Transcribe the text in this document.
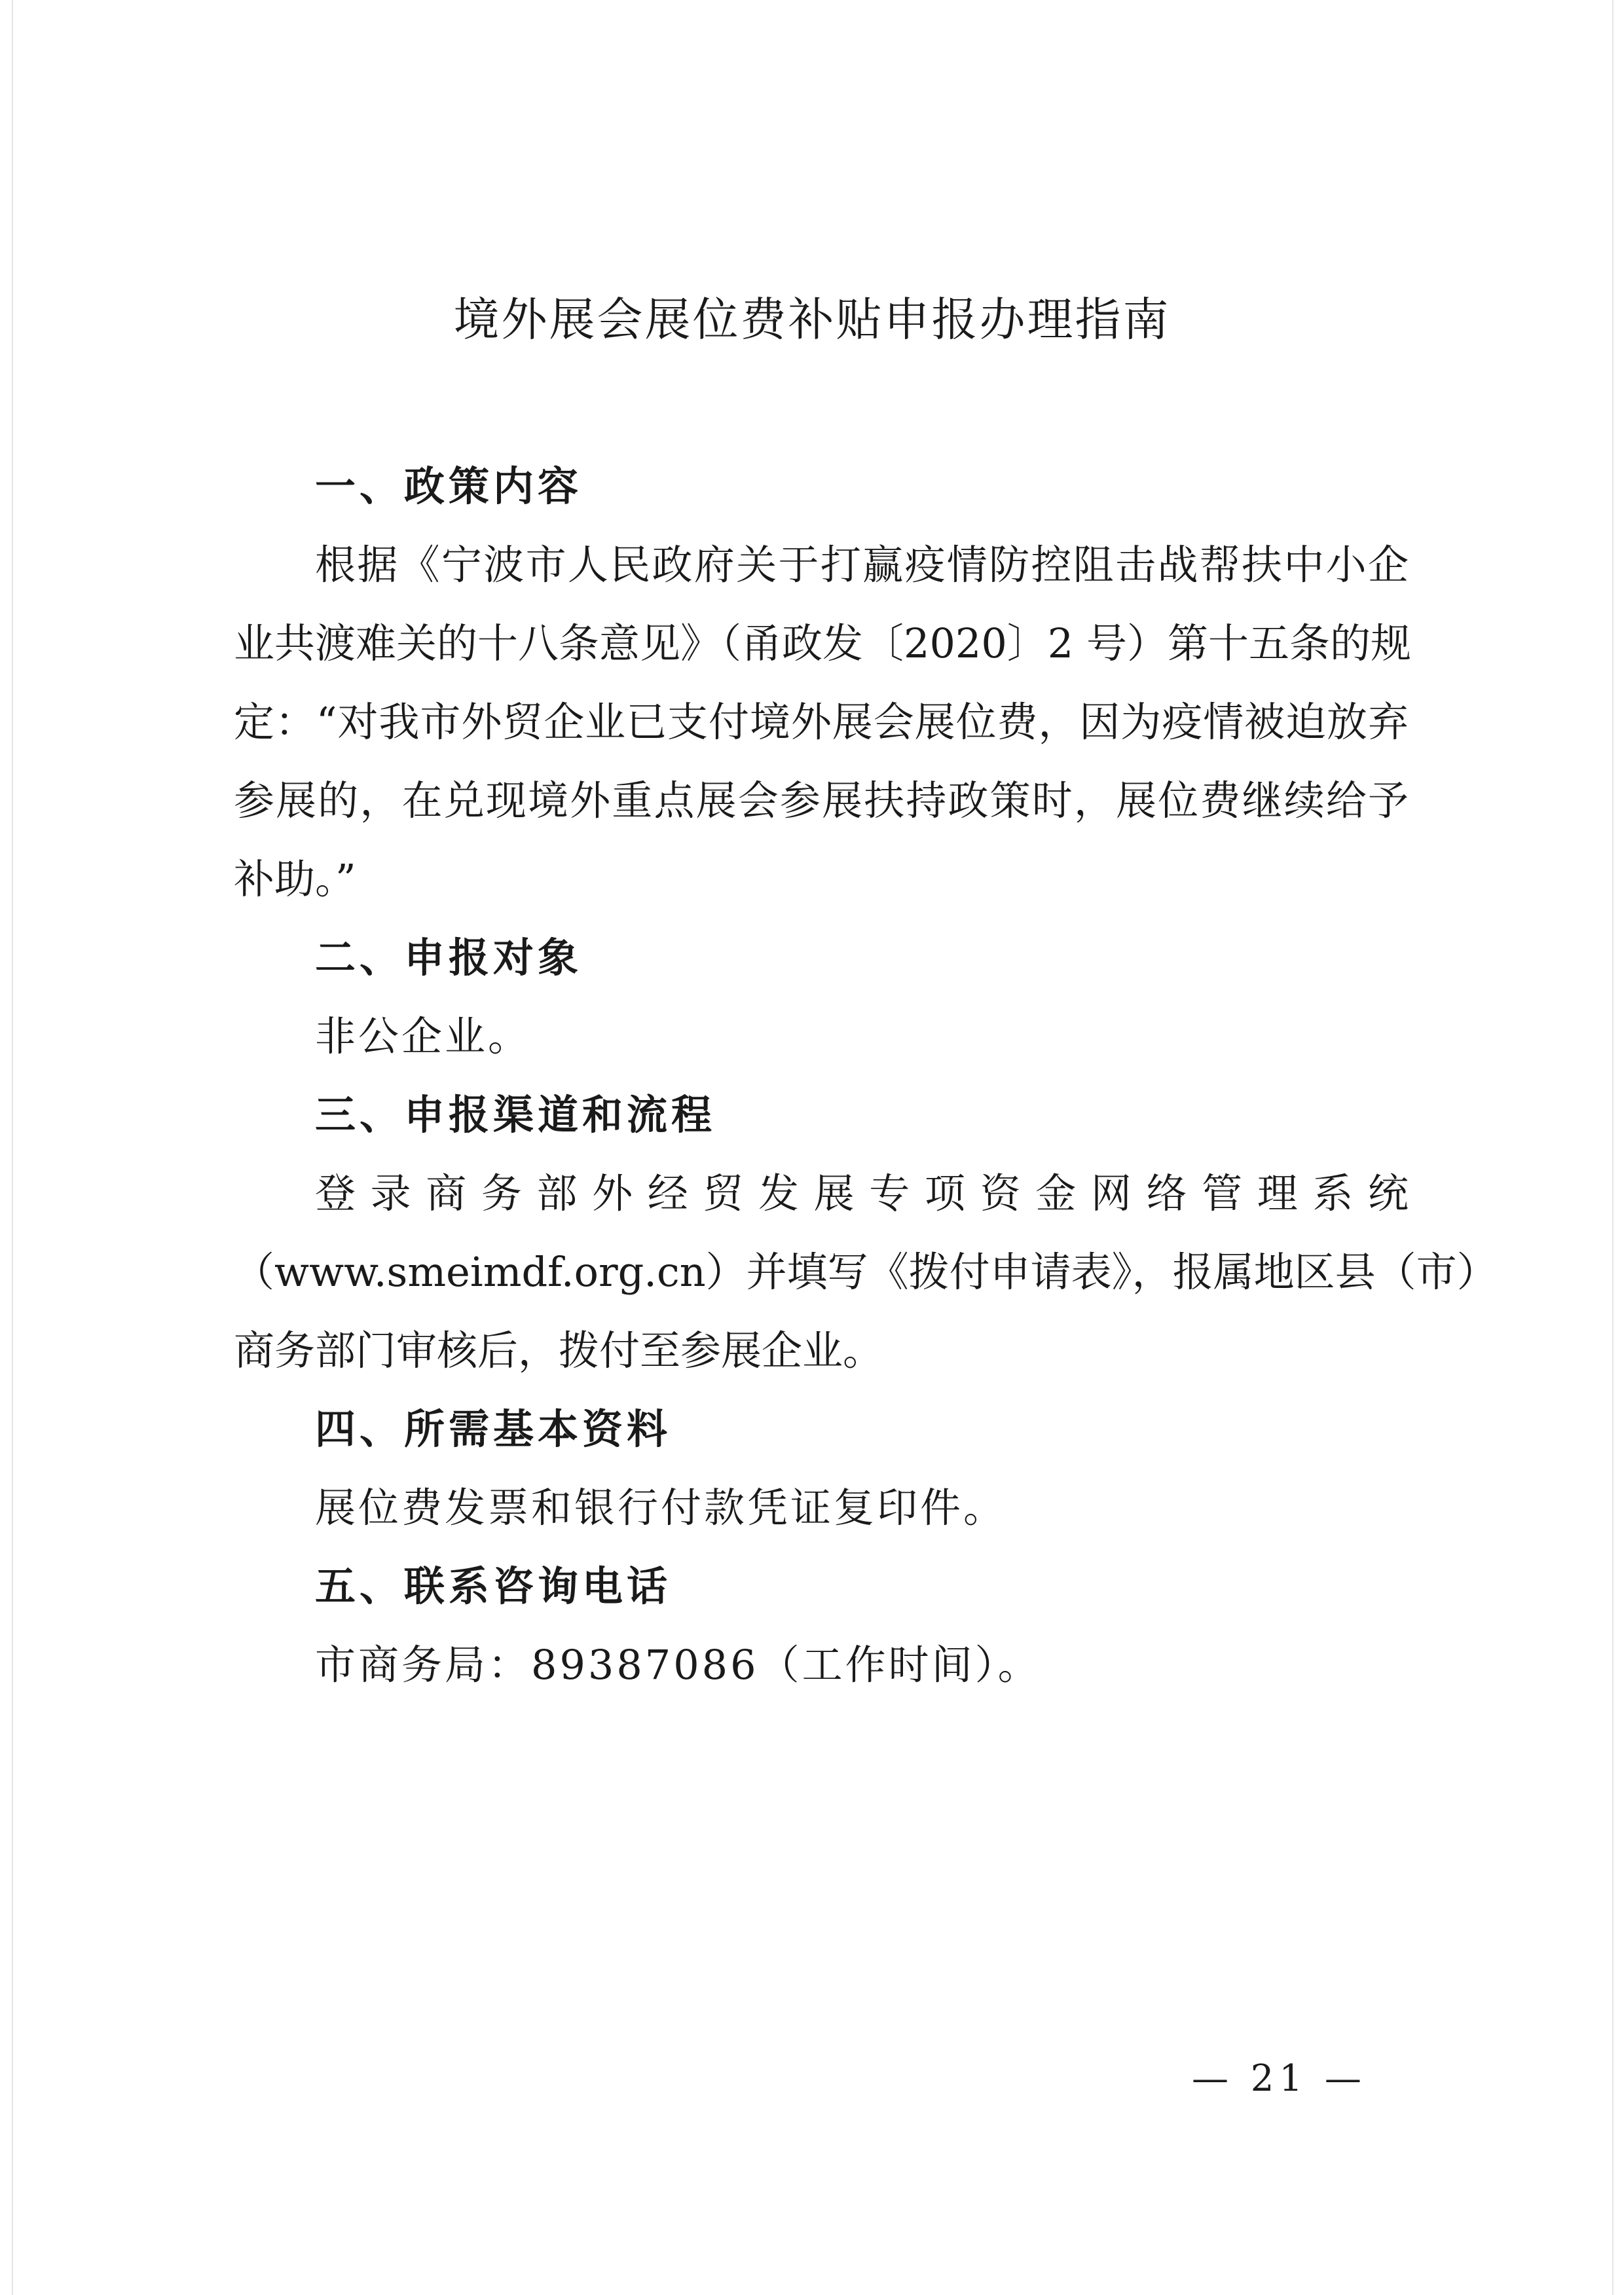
境外展会展位费补贴申报办理指南
一、政策内容
根据《宁波市人民政府关于打赢疫情防控阻击战帮扶中小企
业共渡难关的十八条意见》（甬政发〔2020〕2 号）第十五条的规
定：“对我市外贸企业已支付境外展会展位费，因为疫情被迫放弃
参展的，在兑现境外重点展会参展扶持政策时，展位费继续给予
补助。”
二、申报对象
非公企业。
三、申报渠道和流程
登录商务部外经贸发展专项资金网络管理系统
（www.smeimdf.org.cn）并填写《拨付申请表》，报属地区县（市）
商务部门审核后，拨付至参展企业。
四、所需基本资料
展位费发票和银行付款凭证复印件。
五、联系咨询电话
市商务局：89387086（工作时间）。
— 21 —
